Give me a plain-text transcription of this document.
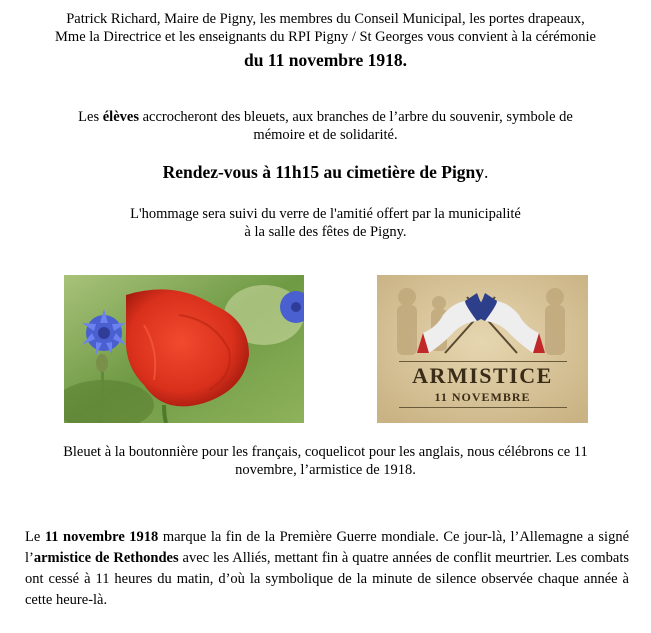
Patrick Richard, Maire de Pigny, les membres du Conseil Municipal, les portes drapeaux,
Mme la Directrice et les enseignants du RPI Pigny / St Georges vous convient à la cérémonie
du 11 novembre 1918.
Les élèves accrocheront des bleuets, aux branches de l’arbre du souvenir, symbole de
mémoire et de solidarité.
Rendez-vous à 11h15 au cimetière de Pigny.
L'hommage sera suivi du verre de l'amitié offert par la municipalité
à la salle des fêtes de Pigny.
ARMISTICE
11 NOVEMBRE
Bleuet à la boutonnière pour les français, coquelicot pour les anglais, nous célébrons ce 11
novembre, l’armistice de 1918.
Le 11 novembre 1918 marque la fin de la Première Guerre mondiale. Ce jour-là, l’Allemagne a signé l’armistice de Rethondes avec les Alliés, mettant fin à quatre années de conflit meurtrier. Les combats ont cessé à 11 heures du matin, d’où la symbolique de la minute de silence observée chaque année à cette heure-là.
